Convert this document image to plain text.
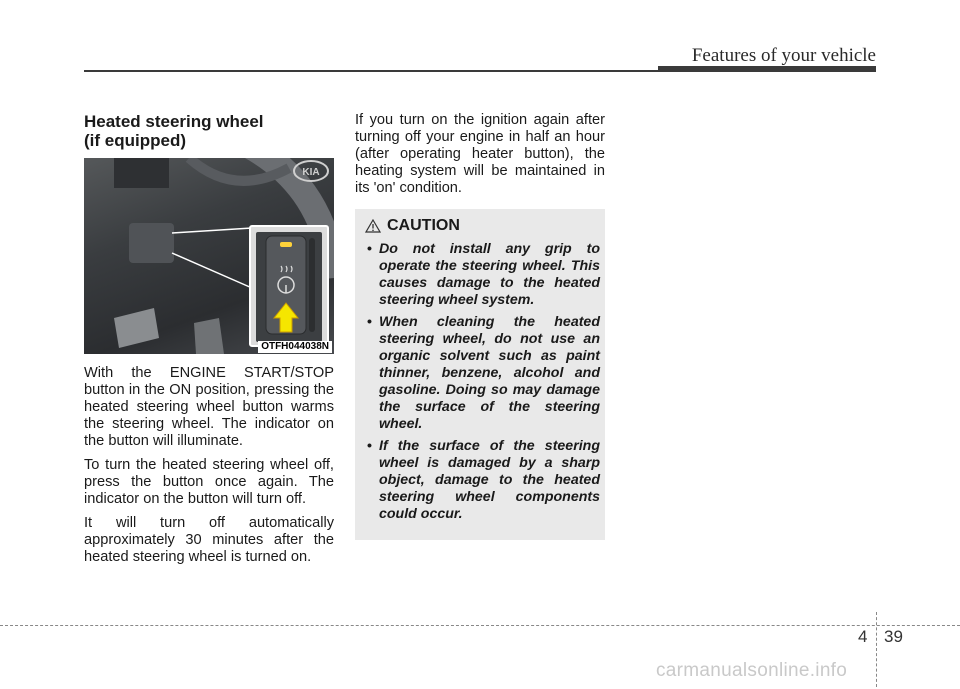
Features of your vehicle
Heated steering wheel
(if equipped)
KIA
OTFH044038N

With the ENGINE START/STOP button in the ON position, pressing the heated steering wheel button warms the steering wheel. The indicator on the button will illuminate.

To turn the heated steering wheel off, press the button once again. The indicator on the button will turn off.

It will turn off automatically approximately 30 minutes after the heated steering wheel is turned on.

If you turn on the ignition again after turning off your engine in half an hour (after operating heater button), the heating system will be maintained in its 'on' condition.

CAUTION
• Do not install any grip to operate the steering wheel. This causes damage to the heated steering wheel system.
• When cleaning the heated steering wheel, do not use an organic solvent such as paint thinner, benzene, alcohol and gasoline. Doing so may damage the surface of the steering wheel.
• If the surface of the steering wheel is damaged by a sharp object, damage to the heated steering wheel components could occur.
4 39
carmanualsonline.info
